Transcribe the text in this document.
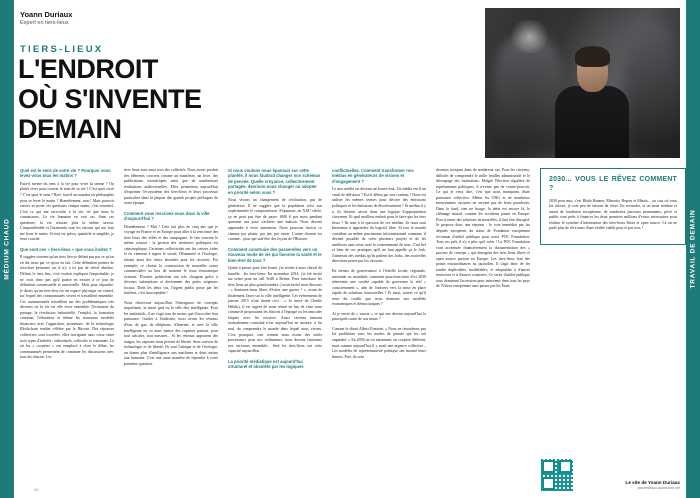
MÉDIUM CHAUD	TRAVAIL DE DEMAIN
Yoann Duriaux
Expert en tiers-lieux
TIERS-LIEUX
L'ENDROIT
OÙ S'INVENTE
DEMAIN
Quel est le sens de votre vie ? Pourquoi vous levez-vous tous les matins ?

Faut-il mettre du sens à la vie pour vivre la sienne ? Ou plutôt vivre pour trouver le sens de sa vie ? C'est quoi vivre ? C'est quoi le sens ? Bref, faut-il un mandat ou philosophie pour se lever le matin ? Honnêtement, non ! Mais pouvoir encore se poser ces questions chaque matin, c'est essentiel. C'est ce qui me raccroche à la vie, tel que nous la connaissons. La vie humaine en vrai cas. Sans ces questions, la vie n'aurait plus la même saveur. L'impondérable et l'inattendu sont les raisons qui me font me lever le matin. Si tout est prévu, quantifié et tangible, je reste couché.

Que sont ces « tiers-lieux » que vous invitez ?

Il suggère souvent qu'un tiers lieu se définit pas par ce qu'on en dit, mais par ce qu'on en fait. Cette définition permet de n'exclure personne car il n'y a ici pas de vérité absolue. Définir le tiers lieu, c'est vouloir expliquer l'improbable, je ne crois donc pas qu'il puisse en exister à ce jour de définition consensuelle et universelle. Mais pour répondre, je dirais qu'un tiers-lieu est un espace physique ou virtuel, sur lequel des communautés vivent et travaillent ensemble. Ces communautés travaillent sur des problématiques très diverses où la vie est elle vivre ensemble, l'économie du partage, la révolution industrielle, l'emploi, la formation continue, l'éducation et même les nouveaux modèles financiers avec l'apparition, promesses, de la technologie Blockchain rendue célèbre par le Bitcoin. Des réponses collectives sont trouvées, elles naviguent sans cesse entre trois types d'intérêts : individuels, collectifs et communs. Là où les « coopérer » ont remplacé à clore le débat, les communautés permettent de continuer les discussions avec tous les chacun. Les

tiers lieux sont aussi tous des collectifs. Nous avons produit des éléments concrets comme un manifeste, un livre, des publications scientifiques ainsi que de nombreuses réalisations audiovisuelles. Elles permettent aujourd'hui d'exprimer l'écosystème des tiers-lieux et leurs processus particulier dans la plupart des grands projets politiques de notre époque.

Comment vous inscrivez-vous dans la ville d'aujourd'hui ?

Honnêtement ? Mal ! Cela fait plus de cinq ans que je voyage en France et en Europe pour aller à la rencontre des tiers lieux des villes et des campagnes. Je fais souvent le même constat : la gestion des territoires politiques est catastrophique. Certaines collectivités ont les caisses vides et en viennent à signer le social, l'Humanité et l'écologie, faisant ainsi des choix absurdes pour les citoyens. Par exemple, ce choisir la construction de nouvelles zones commerciales au lieu de soutenir le tissu économique existant. D'autres politiciens ont très chargent grâce à diverses subventions et deviennent des petits seigneurs locaux. Dans les deux cas, l'argent public passe par les fenêtres, c'est inacceptable !

Nous observons aujourd'hui l'émergence de concepts inquiétants, la smart grid ou la ville dite intelligente. Pour les industriels, il ne s'agit rien de moins que d'accroître leur puissance. Guider à l'industrie, nous avons les réseaux d'eau, de gaz, de téléphone, d'Internet, et avec la ville intelligente on va nous mettre des capteurs partout, pour tout calculer, tout mesurer... Si les réseaux apportent des usages, les capteurs nous privent de liberté. Sous couvert de technologie et de liberté. Ils sont l'attaque et de l'écologie, on donne plus d'intelligence aux machines et donc moins aux humains. C'est une autre manière de répondre à votre première question.

Si nous voulons nous épanouir sur cette planète, il nous faudrait changer nos schémas de pensée. Quelle croyance, collectivement partagée, devrions-nous changer ou adopter en priorité selon vous ?

Nous vivons un changement de civilisation, pas de génération. Il ne suggère que la population n'est son expérimentée le compromisson. S'épanouir, au XXI° siècle, ça ne peut pas être de payer 1000 € par mois pendant quarante ans pour s'acheter une maison. Nous devons apprendre à vivre autrement. Nous pouvons choisir ce chemin par plaisir, par jeu, par envie. L'autre chemin est comme... pour qui suit-être des leçons de l'Histoire.

Comment construire des passerelles vers un nouveau mode de vie qui favorise la santé et le bien-être de tous ?

Quitte à passer pour être borné, j'ai revien à nous cheval de bataille : les tiers-lieux. En novembre 2014, j'ai été invité sur scène pour un call TedX à Reims. Pour introduire les tiers lieux au plus grand nombre, j'avais invité mon discours : « Soutenez-nous libres d'éviter une guerre ! », avant de finalement l'axer sur la ville intelligente. Les événements de janvier 2015 n'ont donné ceci : « Ja navré de Charlie Hebdo), il est urgent de nous réunir en bas de chez nous comme le proposaient les bistrots à l'époque ou les amicales laïques avec les ouvriers. Aussi cerveau humain normalement constitué n'est aujourd'hui en mesure, à lui seul, de comprendre le monde dans lequel nous vivons. C'est pourquoi, tout comme nous avons des outils processeurs pour nos ordinateurs, nous devons fusionner nos cerveaux ensemble... Seul les tiers-lieux ont cette capacité aujourd'hui.

La priorité médiatique est aujourd'hui structurel et obsolète par les logiques
conflictuelles. Comment transformer nos médias en générateurs de visions et d'engagement ?

Le mot média est devenu un fourre-tout. Un média est-il un canal de diffusion ? Est-il défini par son contenu ? Nous est utiliser les mêmes termes pour décrire des émissions politiques et les émissions de divertissement ? Si médias il y a, ils doivent savoir dans une logique d'appropriation citoyenne. Et quel meilleur endroit pour le faire que les tiers lieux ? Ils sont à la question de ces médias, ils nous sont bienvenus à apprendre du logiciel libre. Si tout le monde contribue au même parcimonie informationnel commun, il devient possible de créer plusieurs projets et de les améliorer sans cesse avec le consentement de tous. C'est bel et bien de ces pratiques qu'il ne faut appelle ça le fork. J'aimerais des médias qu'ils parlent des forks, des nouvelles directions prises par les citoyens.

En termes de gouvernance à l'échelle locale, régionale, nationale ou mondiale, comment pourrions-nous d'ici 2030 réinventer une société capable de gouverner le réel « consciemment », afin de l'univers vers la mise en place rapide de solutions structurelles ? Et ainsi, sauver ce qu'il reste du conflit que nous donnons nos modèles économiques et démocratiques ?

Ai je envie de « sauver » ce qui me devenu aujourd'hui la principale cause de nos maux ?

Comme le disait Albert Einstein, « Nous ne résoudrons pas les problèmes avec les modes de pensée qui les ont engendré. » En 2030 on vit autrement, on coopère différent, mais comme aujourd'hui il y avait une urgence collective... Les modèles de représentativité politique ont montré leurs limites. Pire, ils sont

devenus toxiques dans de nombreux cas. Pour les citoyens, difficile de comprendre le mille feuilles administratif et le découpage des institutions. Malgré l'élection régulière de représentants politiques, il n'existe pas de contre-pouvoir. Ce qui je veux dire, c'est que nous manquons d'une puissance collective. Même les ONG et de nombreux mouvements citoyens ne servent pas de leurs paradoxes. Dans le fond, rien ne bouge, la dette est encore là, le chômage massif, comme les accidents parmi en Europe. Pour trouver des solutions structurelles, il faut être disruptif. Je propose donc une réponse : le vote immédiat par les députés européens du statut de Fondation européenne reconnue d'utilité publique pour notre POC Foundation. Tous ces prêt, il n'y a plus qu'à voter ! La POC Foundation vont accentuée financièrement la documentation des « process de concept » qui émergent des tiers lieux libres et open source partout en Europe. Les tiers-lieux font des points extraordinaires au quotidien. Il s'agit donc de les rendre duplicables, modifiables, et adaptables à d'autres territoires et à d'autres contextes. Ce serait d'utilité publique sous dominant l'accession pour intervenir dans tous les pays de l'Union européenne sans passer par les États.

2030... VOUS LE RÊVEZ COMMENT ?

2030 pour moi, c'est Blade Runner, Minority Report et Matrix... au cuis où vous les choses, je vois peu de raisons de rêver. En revanche, si on nous attribue et aurait de fondation européenne, de nombreux parcours permanents, privé et public sont prêts à financer les deux premiers millions d'euros nécessaires pour réaliser le système d'information des tiers-lieux libres et open source. Là on ne parle plus de rêve mais d'une réalité viable pour et par tous !

Le site de Yoann Duriaux
pourlesbaux.autonome.net
38
